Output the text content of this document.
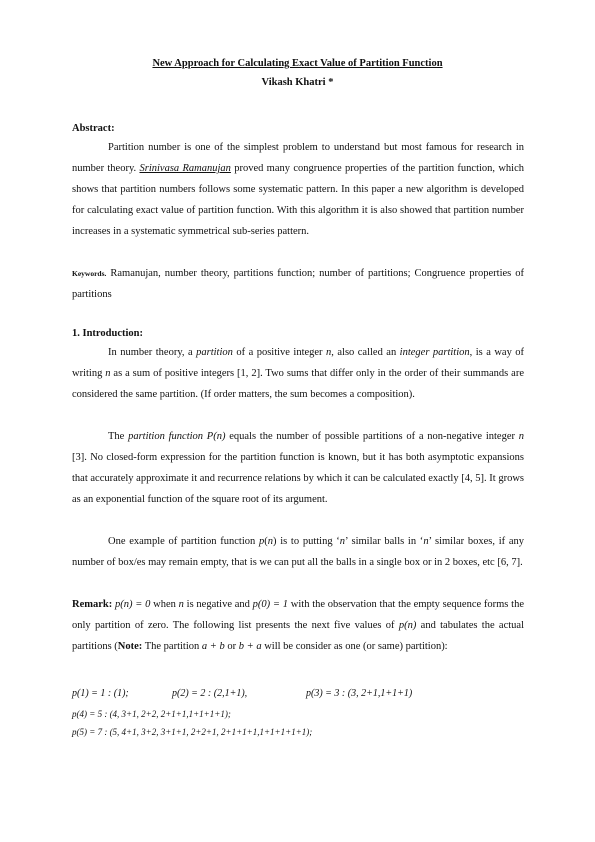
New Approach for Calculating Exact Value of Partition Function
Vikash Khatri *
Abstract:
Partition number is one of the simplest problem to understand but most famous for research in number theory. Srinivasa Ramanujan proved many congruence properties of the partition function, which shows that partition numbers follows some systematic pattern. In this paper a new algorithm is developed for calculating exact value of partition function. With this algorithm it is also showed that partition number increases in a systematic symmetrical sub-series pattern.
Keywords. Ramanujan, number theory, partitions function; number of partitions; Congruence properties of partitions
1. Introduction:
In number theory, a partition of a positive integer n, also called an integer partition, is a way of writing n as a sum of positive integers [1, 2]. Two sums that differ only in the order of their summands are considered the same partition. (If order matters, the sum becomes a composition).
The partition function P(n) equals the number of possible partitions of a non-negative integer n [3]. No closed-form expression for the partition function is known, but it has both asymptotic expansions that accurately approximate it and recurrence relations by which it can be calculated exactly [4, 5]. It grows as an exponential function of the square root of its argument.
One example of partition function p(n) is to putting ‘n’ similar balls in ‘n’ similar boxes, if any number of box/es may remain empty, that is we can put all the balls in a single box or in 2 boxes, etc [6, 7].
Remark: p(n) = 0 when n is negative and p(0) = 1 with the observation that the empty sequence forms the only partition of zero. The following list presents the next five values of p(n) and tabulates the actual partitions (Note: The partition a + b or b + a will be consider as one (or same) partition):
p(1) = 1 : (1);	p(2) = 2 : (2,1+1),	p(3) = 3 : (3, 2+1,1+1+1)
p(4) = 5 : (4, 3+1, 2+2, 2+1+1,1+1+1+1);
p(5) = 7 : (5, 4+1, 3+2, 3+1+1, 2+2+1, 2+1+1+1,1+1+1+1+1);
